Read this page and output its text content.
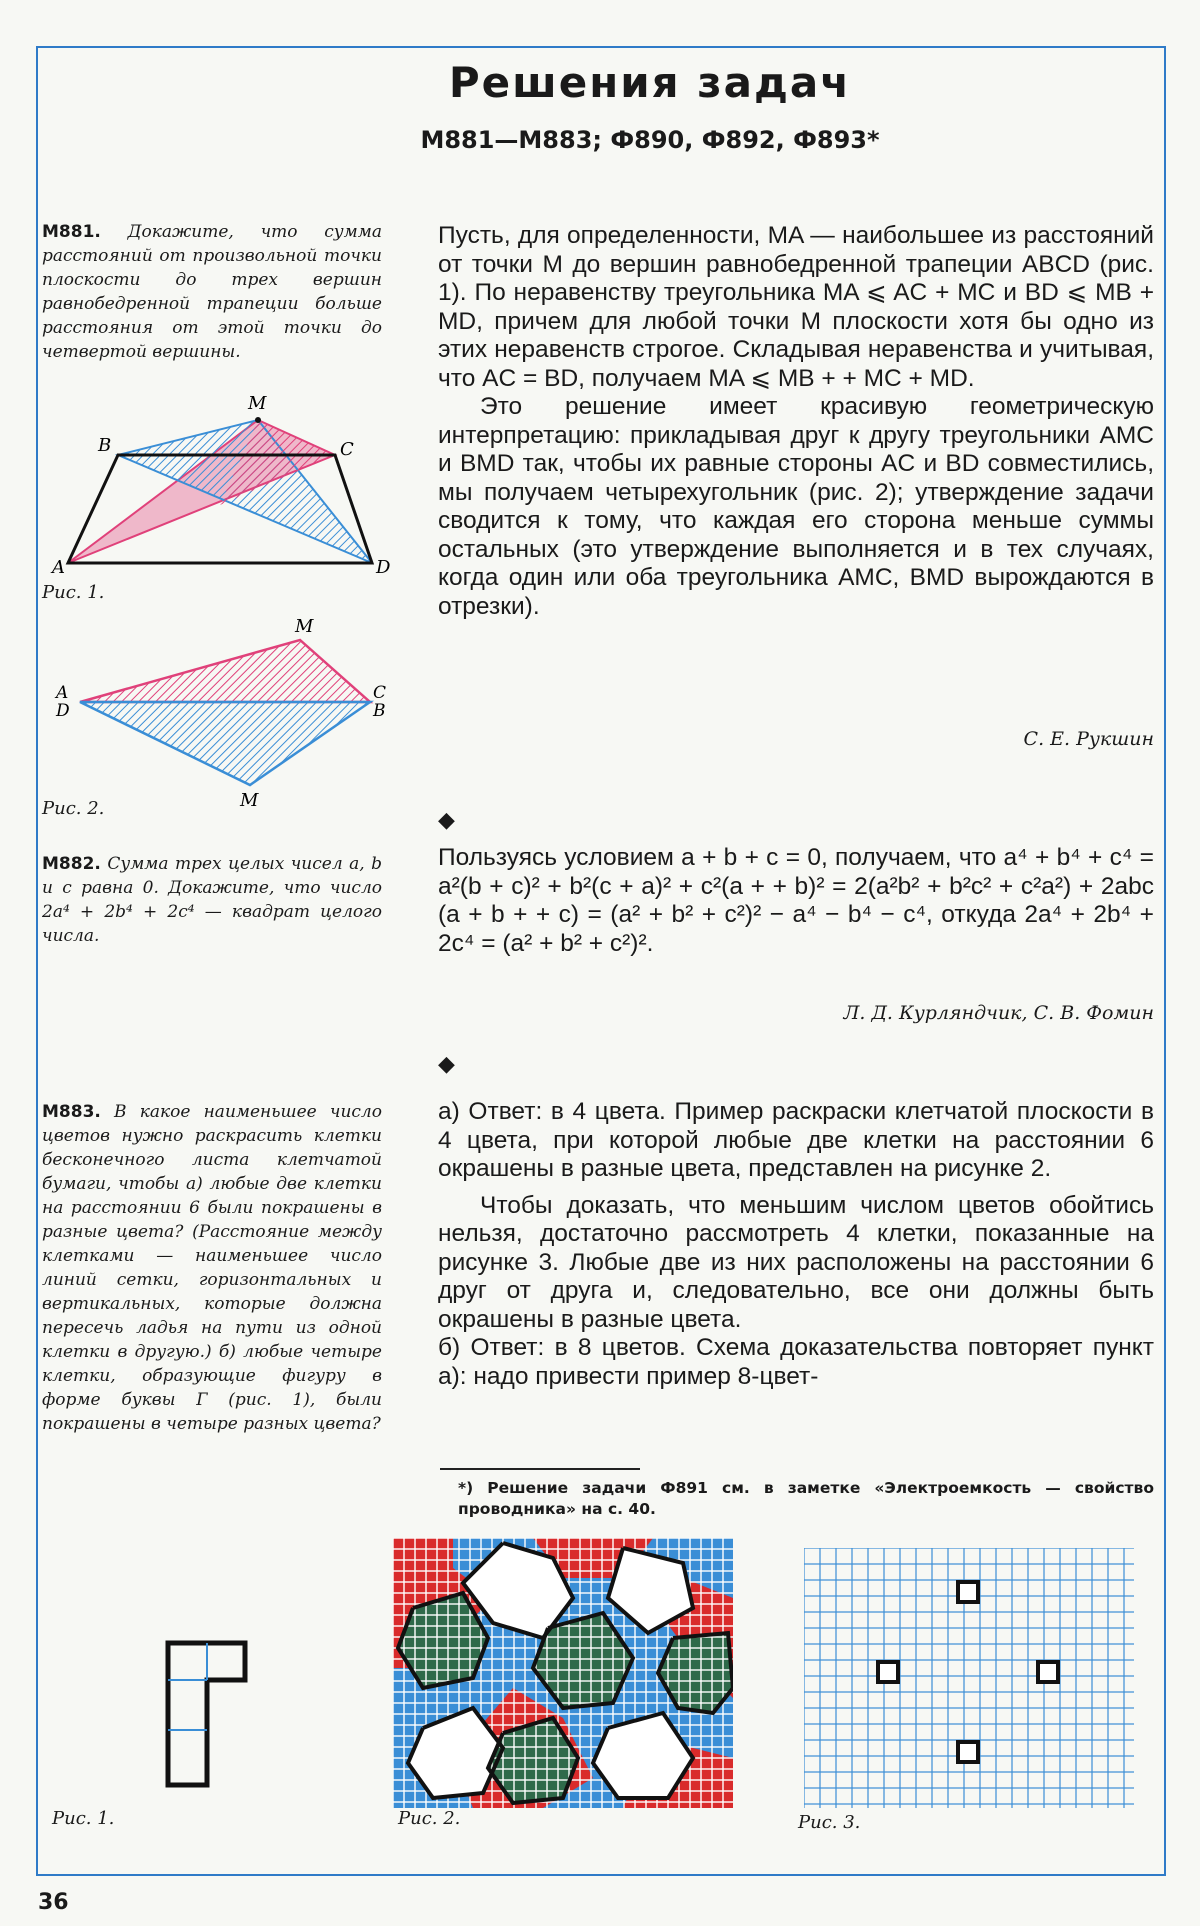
Решения задач
М881—М883; Ф890, Ф892, Ф893*
М881. Докажите, что сумма расстояний от произвольной точки плоскости до трех вершин равнобедренной трапеции больше расстояния от этой точки до четвертой вершины.
A
B	C
D
M
Рис. 1.
M
A
D
C
B
M
Рис. 2.

Пусть, для определенности, MA — наибольшее из расстояний от точки M до вершин равнобедренной трапеции ABCD (рис. 1). По неравенству треугольника MA ⩽ AC + MC и BD ⩽ MB + MD, причем для любой точки M плоскости хотя бы одно из этих неравенств строгое. Складывая неравенства и учитывая, что AC = BD, получаем MA ⩽ MB + + MC + MD.

Это решение имеет красивую геометрическую интерпретацию: прикладывая друг к другу треугольники AMC и BMD так, чтобы их равные стороны AC и BD совместились, мы получаем четырехугольник (рис. 2); утверждение задачи сводится к тому, что каждая его сторона меньше суммы остальных (это утверждение выполняется и в тех случаях, когда один или оба треугольника AMC, BMD вырождаются в отрезки).

С. Е. Рукшин
◆
М882. Сумма трех целых чисел a, b и c равна 0. Докажите, что число 2a⁴ + 2b⁴ + 2c⁴ — квадрат целого числа.

Пользуясь условием a + b + c = 0, получаем, что a⁴ + b⁴ + c⁴ = a²(b + c)² + b²(c + a)² + c²(a + + b)² = 2(a²b² + b²c² + c²a²) + 2abc (a + b + + c) = (a² + b² + c²)² − a⁴ − b⁴ − c⁴, откуда 2a⁴ + 2b⁴ + 2c⁴ = (a² + b² + c²)².

Л. Д. Курляндчик, С. В. Фомин
◆
М883. В какое наименьшее число цветов нужно раскрасить клетки бесконечного листа клетчатой бумаги, чтобы а) любые две клетки на расстоянии 6 были покрашены в разные цвета? (Расстояние между клетками — наименьшее число линий сетки, горизонтальных и вертикальных, которые должна пересечь ладья на пути из одной клетки в другую.) б) любые четыре клетки, образующие фигуру в форме буквы Г (рис. 1), были покрашены в четыре разных цвета?

а) Ответ: в 4 цвета. Пример раскраски клетчатой плоскости в 4 цвета, при которой любые две клетки на расстоянии 6 окрашены в разные цвета, представлен на рисунке 2.

Чтобы доказать, что меньшим числом цветов обойтись нельзя, достаточно рассмотреть 4 клетки, показанные на рисунке 3. Любые две из них расположены на расстоянии 6 друг от друга и, следовательно, все они должны быть окрашены в разные цвета.

б) Ответ: в 8 цветов. Схема доказательства повторяет пункт а): надо привести пример 8-цвет-

*) Решение задачи Ф891 см. в заметке «Электроемкость — свойство проводника» на с. 40.
Рис. 1.	Рис. 2.	Рис. 3.
36
